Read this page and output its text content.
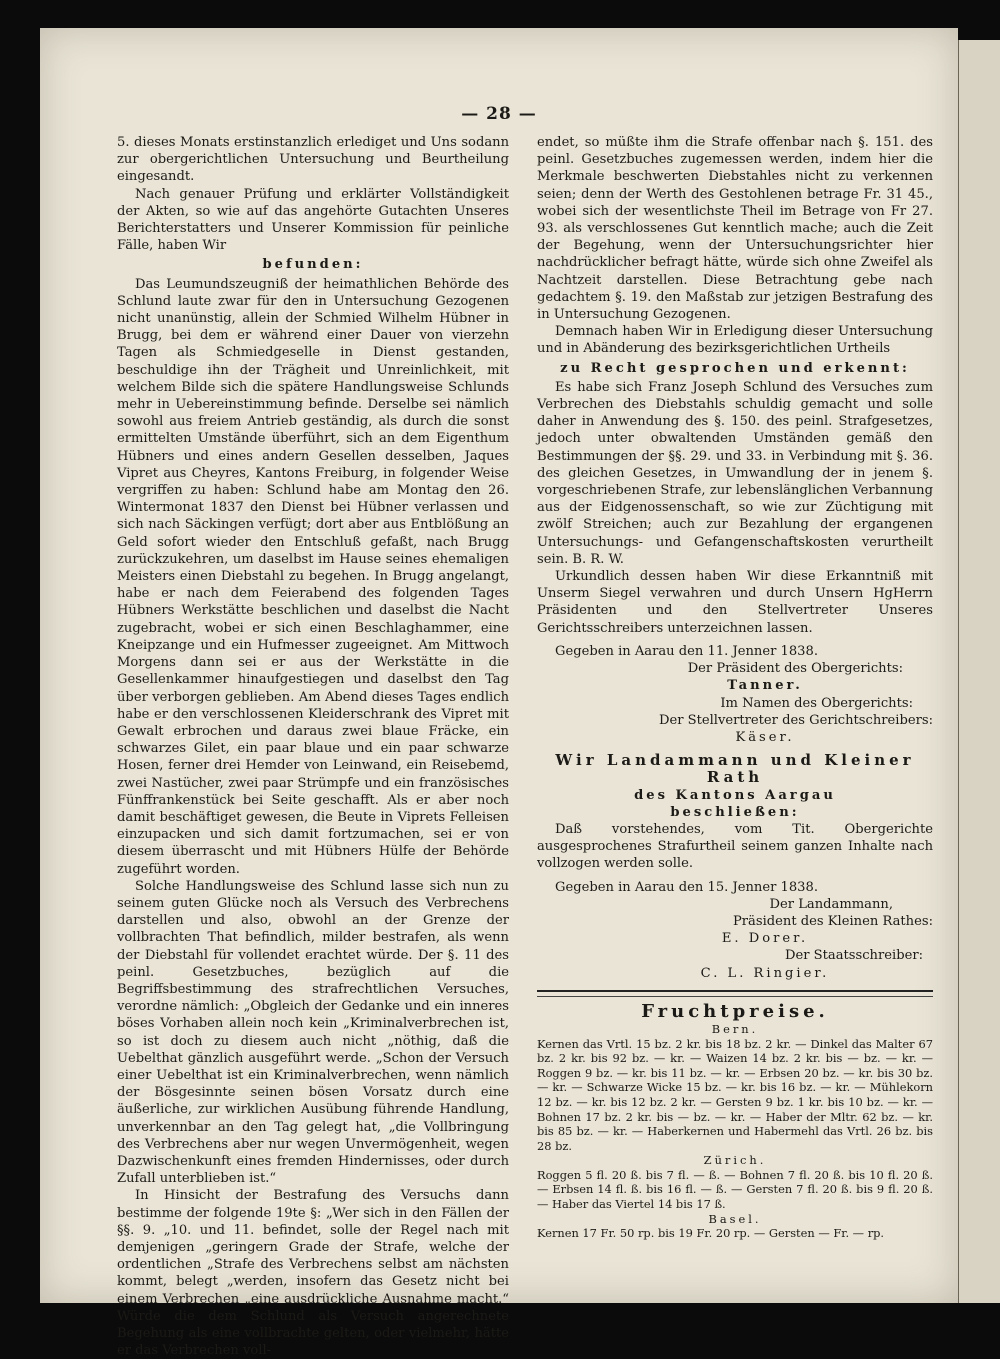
— 28 —

5. dieses Monats erstinstanzlich erlediget und Uns sodann zur obergerichtlichen Untersuchung und Beurtheilung eingesandt.

Nach genauer Prüfung und erklärter Vollständigkeit der Akten, so wie auf das angehörte Gutachten Unseres Berichterstatters und Unserer Kommission für peinliche Fälle, haben Wir

befunden:

Das Leumundszeugniß der heimathlichen Behörde des Schlund laute zwar für den in Untersuchung Gezogenen nicht unanünstig, allein der Schmied Wilhelm Hübner in Brugg, bei dem er während einer Dauer von vierzehn Tagen als Schmiedgeselle in Dienst gestanden, beschuldige ihn der Trägheit und Unreinlichkeit, mit welchem Bilde sich die spätere Handlungsweise Schlunds mehr in Uebereinstimmung befinde. Derselbe sei nämlich sowohl aus freiem Antrieb geständig, als durch die sonst ermittelten Umstände überführt, sich an dem Eigenthum Hübners und eines andern Gesellen desselben, Jaques Vipret aus Cheyres, Kantons Freiburg, in folgender Weise vergriffen zu haben: Schlund habe am Montag den 26. Wintermonat 1837 den Dienst bei Hübner verlassen und sich nach Säckingen verfügt; dort aber aus Entblößung an Geld sofort wieder den Entschluß gefaßt, nach Brugg zurückzukehren, um daselbst im Hause seines ehemaligen Meisters einen Diebstahl zu begehen. In Brugg angelangt, habe er nach dem Feierabend des folgenden Tages Hübners Werkstätte beschlichen und daselbst die Nacht zugebracht, wobei er sich einen Beschlaghammer, eine Kneipzange und ein Hufmesser zugeeignet. Am Mittwoch Morgens dann sei er aus der Werkstätte in die Gesellenkammer hinaufgestiegen und daselbst den Tag über verborgen geblieben. Am Abend dieses Tages endlich habe er den verschlossenen Kleiderschrank des Vipret mit Gewalt erbrochen und daraus zwei blaue Fräcke, ein schwarzes Gilet, ein paar blaue und ein paar schwarze Hosen, ferner drei Hemder von Leinwand, ein Reisebemd, zwei Nastücher, zwei paar Strümpfe und ein französisches Fünffrankenstück bei Seite geschafft. Als er aber noch damit beschäftiget gewesen, die Beute in Viprets Felleisen einzupacken und sich damit fortzumachen, sei er von diesem überrascht und mit Hübners Hülfe der Behörde zugeführt worden.

Solche Handlungsweise des Schlund lasse sich nun zu seinem guten Glücke noch als Versuch des Verbrechens darstellen und also, obwohl an der Grenze der vollbrachten That befindlich, milder bestrafen, als wenn der Diebstahl für vollendet erachtet würde. Der §. 11 des peinl. Gesetzbuches, bezüglich auf die Begriffsbestimmung des strafrechtlichen Versuches, verordne nämlich: „Obgleich der Gedanke und ein inneres böses Vorhaben allein noch kein „Kriminalverbrechen ist, so ist doch zu diesem auch nicht „nöthig, daß die Uebelthat gänzlich ausgeführt werde. „Schon der Versuch einer Uebelthat ist ein Kriminalverbrechen, wenn nämlich der Bösgesinnte seinen bösen Vorsatz durch eine äußerliche, zur wirklichen Ausübung führende Handlung, unverkennbar an den Tag gelegt hat, „die Vollbringung des Verbrechens aber nur wegen Unvermögenheit, wegen Dazwischenkunft eines fremden Hindernisses, oder durch Zufall unterblieben ist.“

In Hinsicht der Bestrafung des Versuchs dann bestimme der folgende 19te §: „Wer sich in den Fällen der §§. 9. „10. und 11. befindet, solle der Regel nach mit demjenigen „geringern Grade der Strafe, welche der ordentlichen „Strafe des Verbrechens selbst am nächsten kommt, belegt „werden, insofern das Gesetz nicht bei einem Verbrechen „eine ausdrückliche Ausnahme macht.“ Würde die dem Schlund als Versuch angerechnete Begehung als eine vollbrachte gelten, oder vielmehr, hätte er das Verbrechen voll-

endet, so müßte ihm die Strafe offenbar nach §. 151. des peinl. Gesetzbuches zugemessen werden, indem hier die Merkmale beschwerten Diebstahles nicht zu verkennen seien; denn der Werth des Gestohlenen betrage Fr. 31 45., wobei sich der wesentlichste Theil im Betrage von Fr 27. 93. als verschlossenes Gut kenntlich mache; auch die Zeit der Begehung, wenn der Untersuchungsrichter hier nachdrücklicher befragt hätte, würde sich ohne Zweifel als Nachtzeit darstellen. Diese Betrachtung gebe nach gedachtem §. 19. den Maßstab zur jetzigen Bestrafung des in Untersuchung Gezogenen.

Demnach haben Wir in Erledigung dieser Untersuchung und in Abänderung des bezirksgerichtlichen Urtheils

zu Recht gesprochen und erkennt:

Es habe sich Franz Joseph Schlund des Versuches zum Verbrechen des Diebstahls schuldig gemacht und solle daher in Anwendung des §. 150. des peinl. Strafgesetzes, jedoch unter obwaltenden Umständen gemäß den Bestimmungen der §§. 29. und 33. in Verbindung mit §. 36. des gleichen Gesetzes, in Umwandlung der in jenem §. vorgeschriebenen Strafe, zur lebenslänglichen Verbannung aus der Eidgenossenschaft, so wie zur Züchtigung mit zwölf Streichen; auch zur Bezahlung der ergangenen Untersuchungs- und Gefangenschaftskosten verurtheilt sein. B. R. W.

Urkundlich dessen haben Wir diese Erkanntniß mit Unserm Siegel verwahren und durch Unsern HgHerrn Präsidenten und den Stellvertreter Unseres Gerichtsschreibers unterzeichnen lassen.

Gegeben in Aarau den 11. Jenner 1838.

Der Präsident des Obergerichts:

Tanner.

Im Namen des Obergerichts:

Der Stellvertreter des Gerichtschreibers:

Käser.

Wir Landammann und Kleiner Rath

des Kantons Aargau

beschließen:

Daß vorstehendes, vom Tit. Obergerichte ausgesprochenes Strafurtheil seinem ganzen Inhalte nach vollzogen werden solle.

Gegeben in Aarau den 15. Jenner 1838.

Der Landammann,

Präsident des Kleinen Rathes:

E. Dorer.

Der Staatsschreiber:

C. L. Ringier.

Fruchtpreise.

Bern.

Kernen das Vrtl. 15 bz. 2 kr. bis 18 bz. 2 kr. — Dinkel das Malter 67 bz. 2 kr. bis 92 bz. — kr. — Waizen 14 bz. 2 kr. bis — bz. — kr. — Roggen 9 bz. — kr. bis 11 bz. — kr. — Erbsen 20 bz. — kr. bis 30 bz. — kr. — Schwarze Wicke 15 bz. — kr. bis 16 bz. — kr. — Mühlekorn 12 bz. — kr. bis 12 bz. 2 kr. — Gersten 9 bz. 1 kr. bis 10 bz. — kr. — Bohnen 17 bz. 2 kr. bis — bz. — kr. — Haber der Mltr. 62 bz. — kr. bis 85 bz. — kr. — Haberkernen und Habermehl das Vrtl. 26 bz. bis 28 bz.

Zürich.

Roggen 5 fl. 20 ß. bis 7 fl. — ß. — Bohnen 7 fl. 20 ß. bis 10 fl. 20 ß. — Erbsen 14 fl. ß. bis 16 fl. — ß. — Gersten 7 fl. 20 ß. bis 9 fl. 20 ß. — Haber das Viertel 14 bis 17 ß.

Basel.

Kernen 17 Fr. 50 rp. bis 19 Fr. 20 rp. — Gersten — Fr. — rp.
